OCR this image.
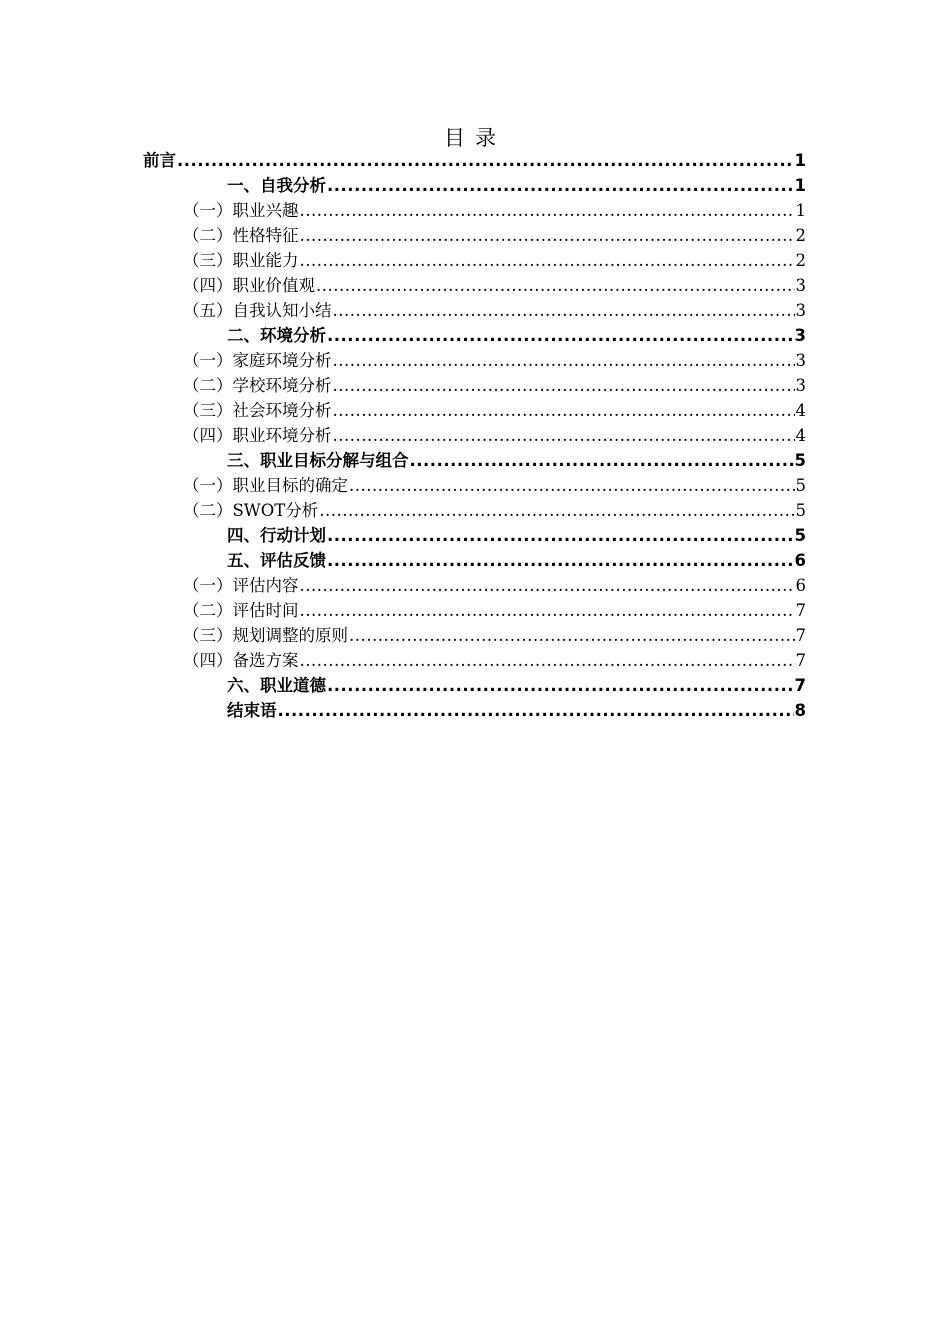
目录
前言 .....	1
一、自我分析 .....	1
（一）职业兴趣 .....	1
（二）性格特征 .....	2
（三）职业能力 .....	2
（四）职业价值观 .....	3
（五）自我认知小结 .....	3
二、环境分析 .....	3
（一）家庭环境分析 .....	3
（二）学校环境分析 .....	3
（三）社会环境分析 .....	4
（四）职业环境分析 .....	4
三、职业目标分解与组合 .....	5
（一）职业目标的确定 .....	5
（二）SWOT分析 .....	5
四、行动计划 .....	5
五、评估反馈 .....	6
（一）评估内容 .....	6
（二）评估时间 .....	7
（三）规划调整的原则 .....	7
（四）备选方案 .....	7
六、职业道德 .....	7
结束语 .....	8
